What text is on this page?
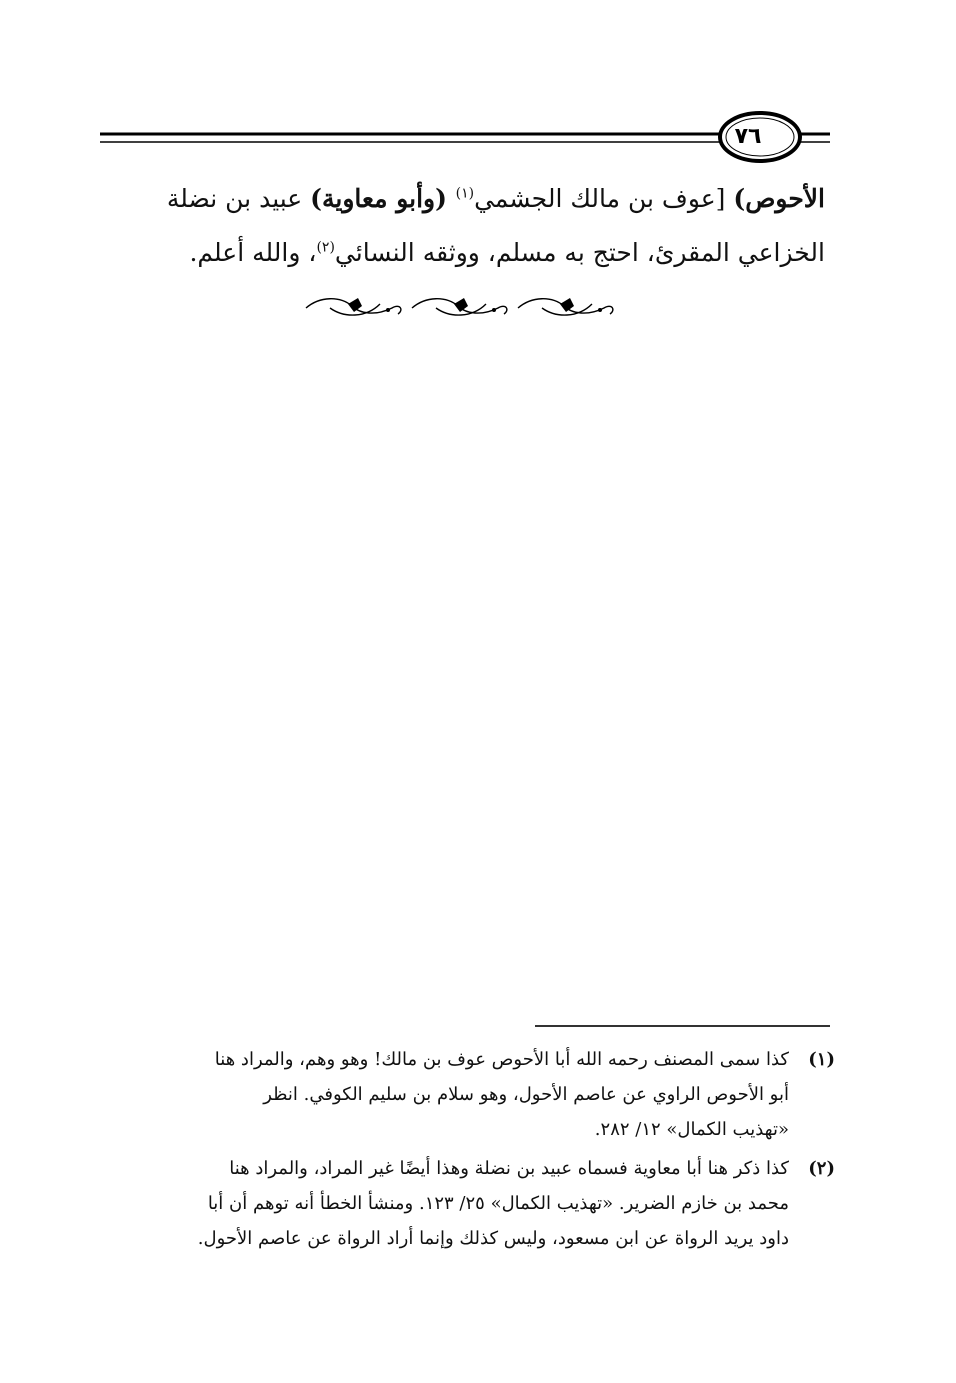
٧٦
الأحوص) [عوف بن مالك الجشمي$^{(١)}$ (وأبو معاوية) عبيد بن نضلة
الخزاعي المقرئ، احتج به مسلم، ووثقه النسائي$^{(٢)}$، والله أعلم.
(١)
كذا سمى المصنف رحمه الله أبا الأحوص عوف بن مالك! وهو وهم، والمراد هنا
أبو الأحوص الراوي عن عاصم الأحول، وهو سلام بن سليم الكوفي. انظر
«تهذيب الكمال» ١٢/ ٢٨٢.
(٢)
كذا ذكر هنا أبا معاوية فسماه عبيد بن نضلة وهذا أيضًا غير المراد، والمراد هنا
محمد بن خازم الضرير. «تهذيب الكمال» ٢٥/ ١٢٣. ومنشأ الخطأ أنه توهم أن أبا
داود يريد الرواة عن ابن مسعود، وليس كذلك وإنما أراد الرواة عن عاصم الأحول.
